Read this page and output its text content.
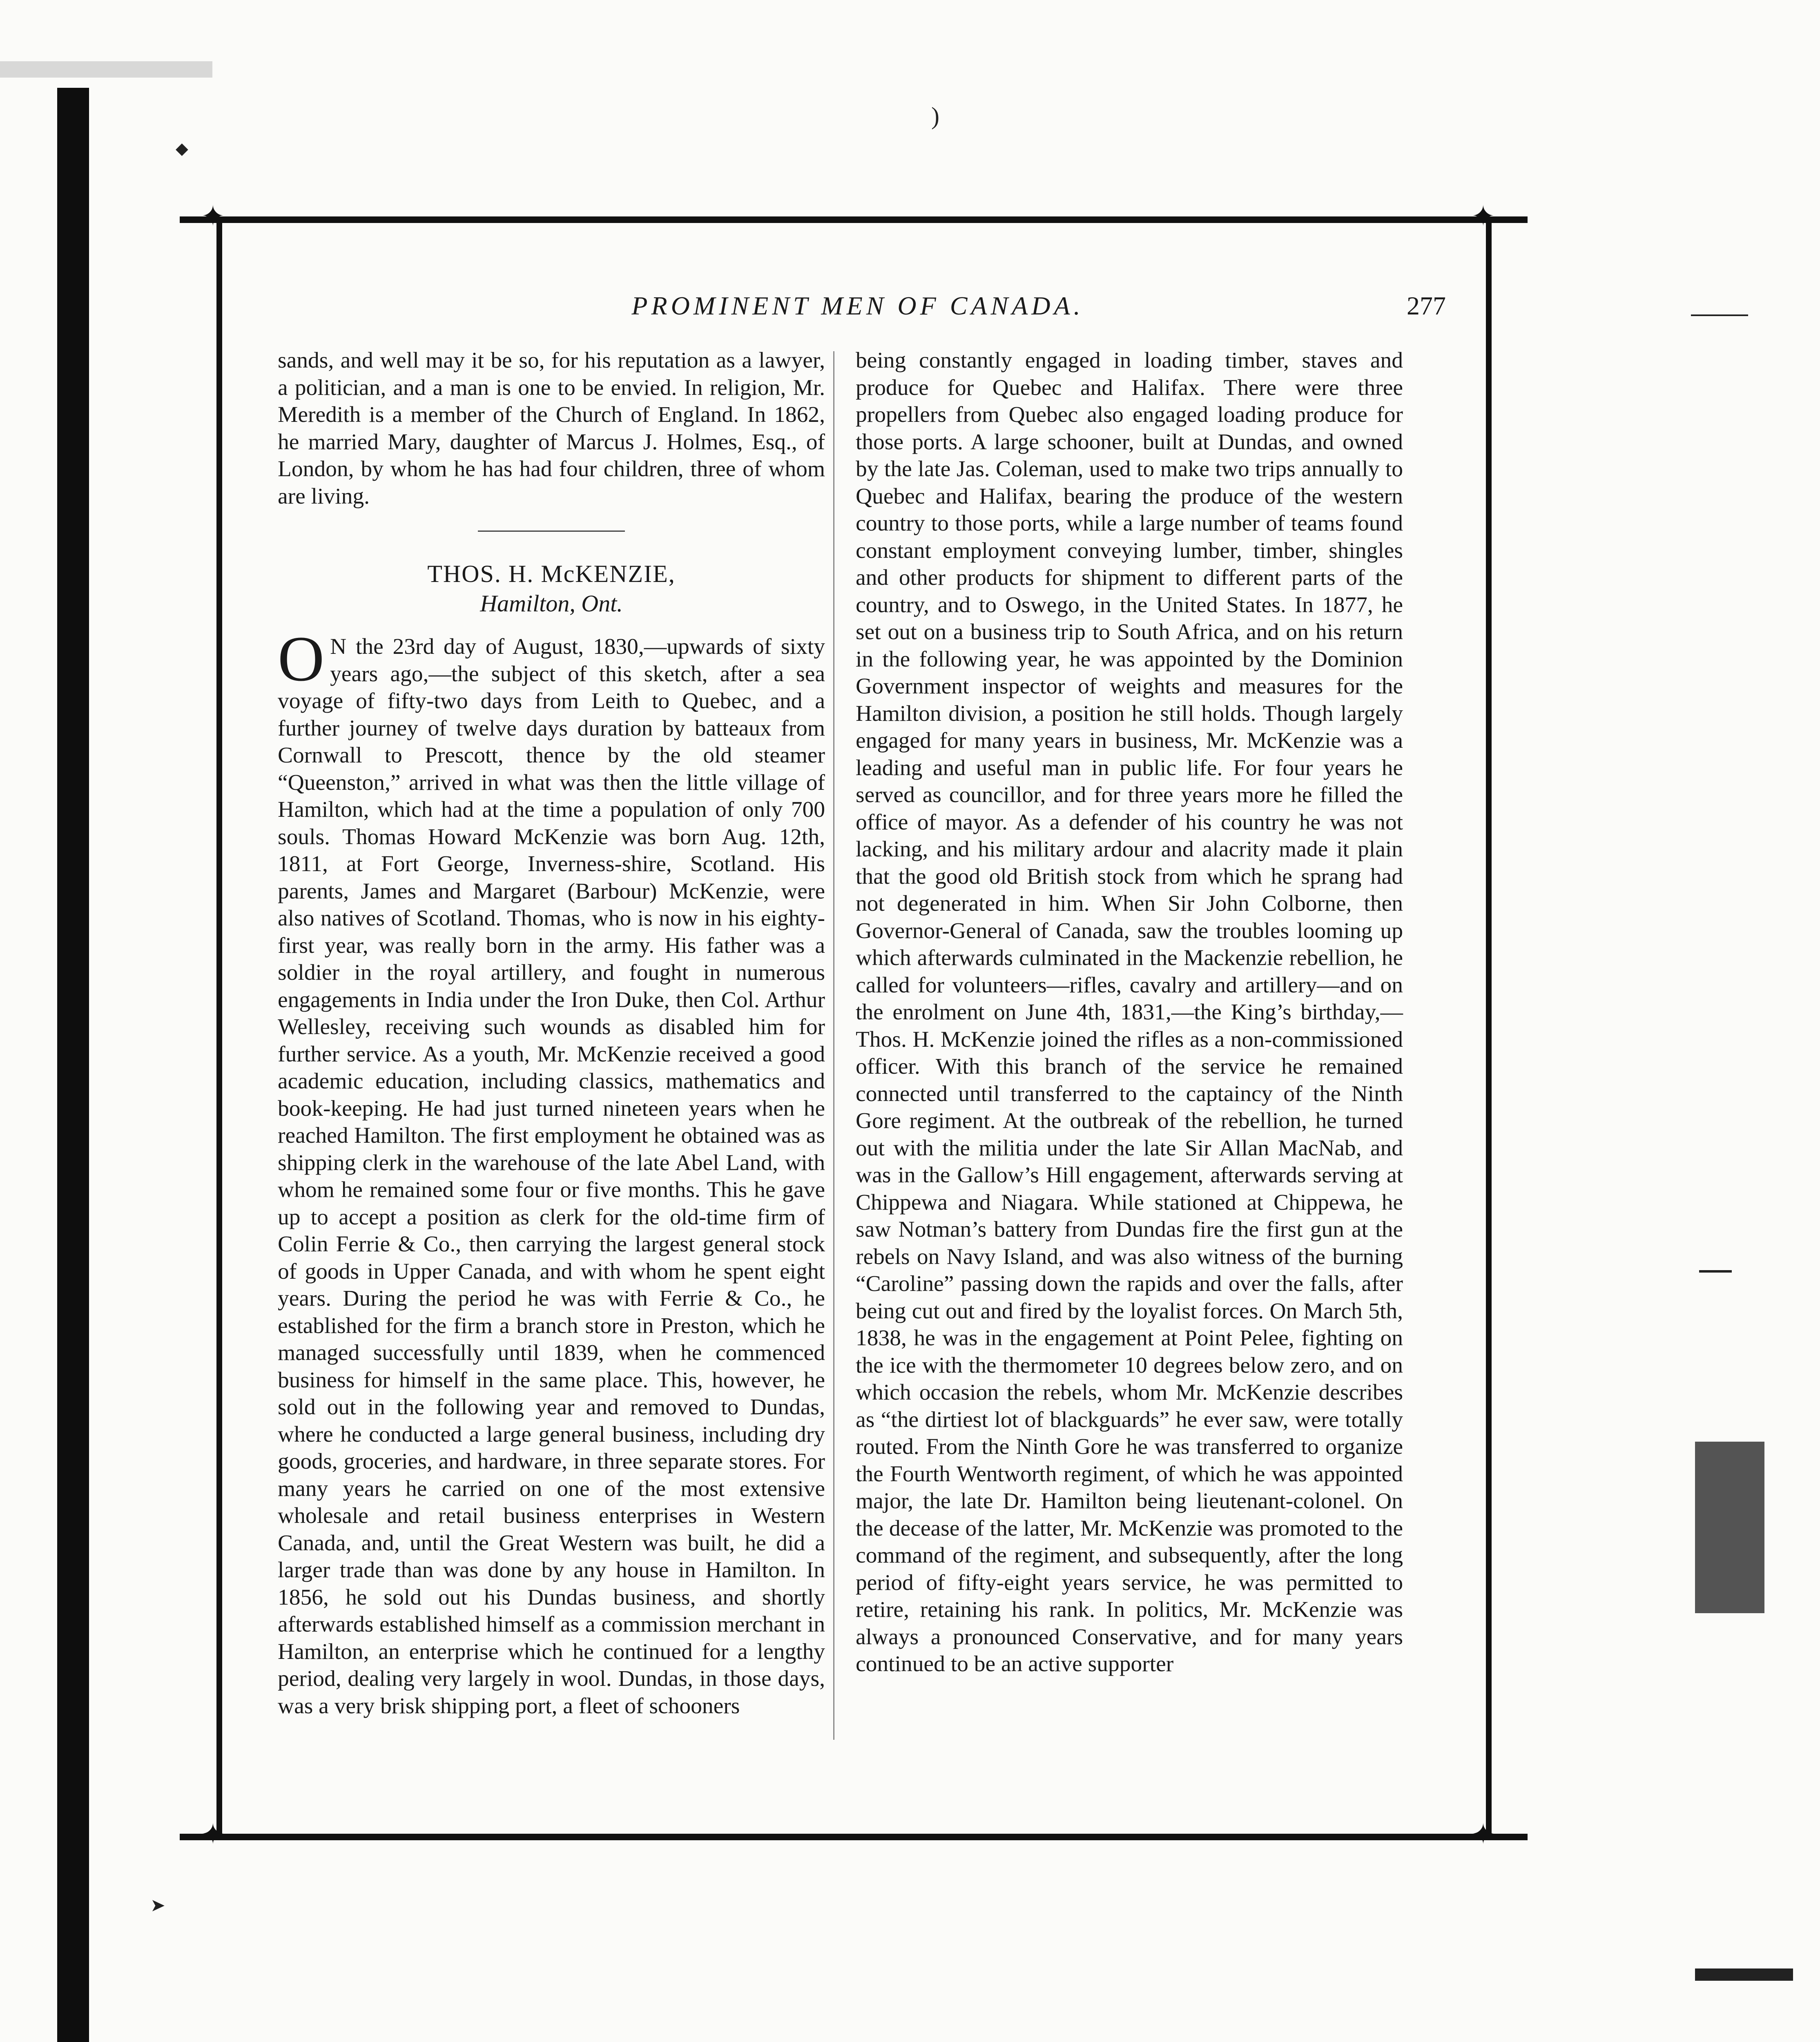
)
◆
➤
✦	✦
✦	✦
PROMINENT MEN OF CANADA.	277

sands, and well may it be so, for his reputation as a lawyer, a politician, and a man is one to be envied. In religion, Mr. Meredith is a member of the Church of England. In 1862, he married Mary, daughter of Marcus J. Holmes, Esq., of London, by whom he has had four children, three of whom are living.

THOS. H. McKENZIE,
Hamilton, Ont.

O N the 23rd day of August, 1830,—upwards of sixty years ago,—the subject of this sketch, after a sea voyage of fifty-two days from Leith to Quebec, and a further journey of twelve days duration by batteaux from Cornwall to Prescott, thence by the old steamer “Queenston,” arrived in what was then the little village of Hamilton, which had at the time a population of only 700 souls. Thomas Howard McKenzie was born Aug. 12th, 1811, at Fort George, Inverness-shire, Scotland. His parents, James and Margaret (Barbour) McKenzie, were also natives of Scotland. Thomas, who is now in his eighty-first year, was really born in the army. His father was a soldier in the royal artillery, and fought in numerous engagements in India under the Iron Duke, then Col. Arthur Wellesley, receiving such wounds as disabled him for further service. As a youth, Mr. McKenzie received a good academic education, including classics, mathematics and book-keeping. He had just turned nineteen years when he reached Hamilton. The first employment he obtained was as shipping clerk in the warehouse of the late Abel Land, with whom he remained some four or five months. This he gave up to accept a position as clerk for the old-time firm of Colin Ferrie & Co., then carrying the largest general stock of goods in Upper Canada, and with whom he spent eight years. During the period he was with Ferrie & Co., he established for the firm a branch store in Preston, which he managed successfully until 1839, when he commenced business for himself in the same place. This, however, he sold out in the following year and removed to Dundas, where he conducted a large general business, including dry goods, groceries, and hardware, in three separate stores. For many years he carried on one of the most extensive wholesale and retail business enterprises in Western Canada, and, until the Great Western was built, he did a larger trade than was done by any house in Hamilton. In 1856, he sold out his Dundas business, and shortly afterwards established himself as a commission merchant in Hamilton, an enterprise which he continued for a lengthy period, dealing very largely in wool. Dundas, in those days, was a very brisk shipping port, a fleet of schooners

being constantly engaged in loading timber, staves and produce for Quebec and Halifax. There were three propellers from Quebec also engaged loading produce for those ports. A large schooner, built at Dundas, and owned by the late Jas. Coleman, used to make two trips annually to Quebec and Halifax, bearing the produce of the western country to those ports, while a large number of teams found constant employment conveying lumber, timber, shingles and other products for shipment to different parts of the country, and to Oswego, in the United States. In 1877, he set out on a business trip to South Africa, and on his return in the following year, he was appointed by the Dominion Government inspector of weights and measures for the Hamilton division, a position he still holds. Though largely engaged for many years in business, Mr. McKenzie was a leading and useful man in public life. For four years he served as councillor, and for three years more he filled the office of mayor. As a defender of his country he was not lacking, and his military ardour and alacrity made it plain that the good old British stock from which he sprang had not degenerated in him. When Sir John Colborne, then Governor-General of Canada, saw the troubles looming up which afterwards culminated in the Mackenzie rebellion, he called for volunteers—rifles, cavalry and artillery—and on the enrolment on June 4th, 1831,—the King’s birthday,—Thos. H. McKenzie joined the rifles as a non-commissioned officer. With this branch of the service he remained connected until transferred to the captaincy of the Ninth Gore regiment. At the outbreak of the rebellion, he turned out with the militia under the late Sir Allan MacNab, and was in the Gallow’s Hill engagement, afterwards serving at Chippewa and Niagara. While stationed at Chippewa, he saw Notman’s battery from Dundas fire the first gun at the rebels on Navy Island, and was also witness of the burning “Caroline” passing down the rapids and over the falls, after being cut out and fired by the loyalist forces. On March 5th, 1838, he was in the engagement at Point Pelee, fighting on the ice with the thermometer 10 degrees below zero, and on which occasion the rebels, whom Mr. McKenzie describes as “the dirtiest lot of blackguards” he ever saw, were totally routed. From the Ninth Gore he was transferred to organize the Fourth Wentworth regiment, of which he was appointed major, the late Dr. Hamilton being lieutenant-colonel. On the decease of the latter, Mr. McKenzie was promoted to the command of the regiment, and subsequently, after the long period of fifty-eight years service, he was permitted to retire, retaining his rank. In politics, Mr. McKenzie was always a pronounced Conservative, and for many years continued to be an active supporter
